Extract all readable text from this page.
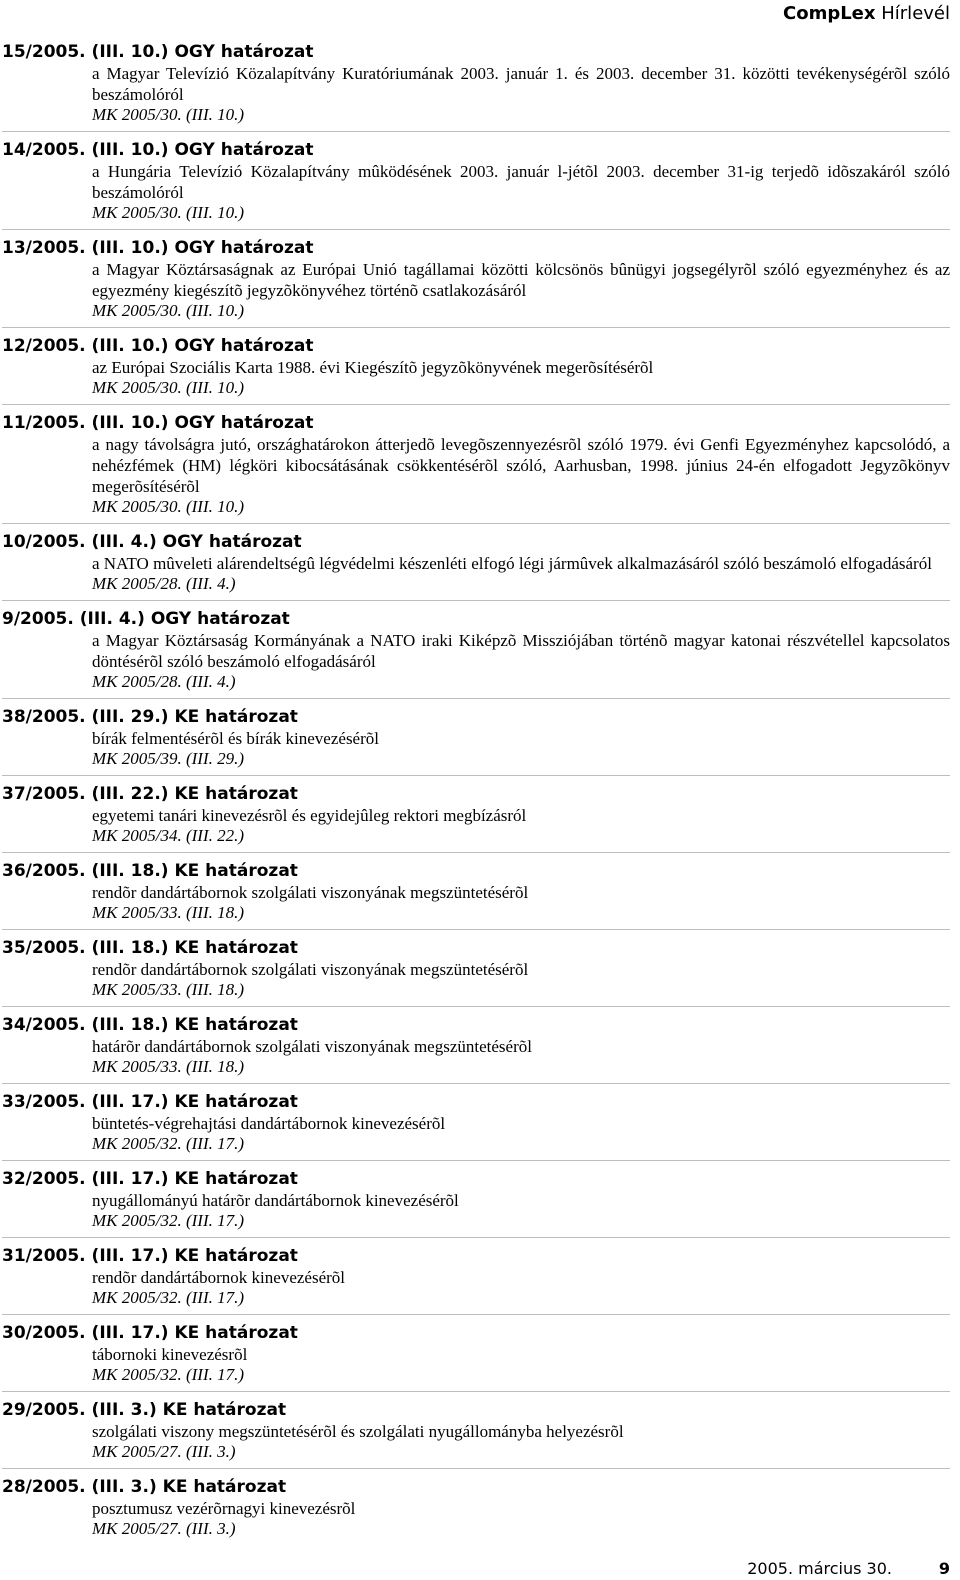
CompLex Hírlevél
15/2005. (III. 10.) OGY határozat
a Magyar Televízió Közalapítvány Kuratóriumának 2003. január 1. és 2003. december 31. közötti tevékenységérõl szóló beszámolóról
MK 2005/30. (III. 10.)
14/2005. (III. 10.) OGY határozat
a Hungária Televízió Közalapítvány mûködésének 2003. január l-jétõl 2003. december 31-ig terjedõ idõszakáról szóló beszámolóról
MK 2005/30. (III. 10.)
13/2005. (III. 10.) OGY határozat
a Magyar Köztársaságnak az Európai Unió tagállamai közötti kölcsönös bûnügyi jogsegélyrõl szóló egyezményhez és az egyezmény kiegészítõ jegyzõkönyvéhez történõ csatlakozásáról
MK 2005/30. (III. 10.)
12/2005. (III. 10.) OGY határozat
az Európai Szociális Karta 1988. évi Kiegészítõ jegyzõkönyvének megerõsítésérõl
MK 2005/30. (III. 10.)
11/2005. (III. 10.) OGY határozat
a nagy távolságra jutó, országhatárokon átterjedõ levegõszennyezésrõl szóló 1979. évi Genfi Egyezményhez kapcsolódó, a nehézfémek (HM) légköri kibocsátásának csökkentésérõl szóló, Aarhusban, 1998. június 24-én elfogadott Jegyzõkönyv megerõsítésérõl
MK 2005/30. (III. 10.)
10/2005. (III. 4.) OGY határozat
a NATO mûveleti alárendeltségû légvédelmi készenléti elfogó légi jármûvek alkalmazásáról szóló beszámoló elfogadásáról
MK 2005/28. (III. 4.)
9/2005. (III. 4.) OGY határozat
a Magyar Köztársaság Kormányának a NATO iraki Kiképzõ Missziójában történõ magyar katonai részvétellel kapcsolatos döntésérõl szóló beszámoló elfogadásáról
MK 2005/28. (III. 4.)
38/2005. (III. 29.) KE határozat
bírák felmentésérõl és bírák kinevezésérõl
MK 2005/39. (III. 29.)
37/2005. (III. 22.) KE határozat
egyetemi tanári kinevezésrõl és egyidejûleg rektori megbízásról
MK 2005/34. (III. 22.)
36/2005. (III. 18.) KE határozat
rendõr dandártábornok szolgálati viszonyának megszüntetésérõl
MK 2005/33. (III. 18.)
35/2005. (III. 18.) KE határozat
rendõr dandártábornok szolgálati viszonyának megszüntetésérõl
MK 2005/33. (III. 18.)
34/2005. (III. 18.) KE határozat
határõr dandártábornok szolgálati viszonyának megszüntetésérõl
MK 2005/33. (III. 18.)
33/2005. (III. 17.) KE határozat
büntetés-végrehajtási dandártábornok kinevezésérõl
MK 2005/32. (III. 17.)
32/2005. (III. 17.) KE határozat
nyugállományú határõr dandártábornok kinevezésérõl
MK 2005/32. (III. 17.)
31/2005. (III. 17.) KE határozat
rendõr dandártábornok kinevezésérõl
MK 2005/32. (III. 17.)
30/2005. (III. 17.) KE határozat
tábornoki kinevezésrõl
MK 2005/32. (III. 17.)
29/2005. (III. 3.) KE határozat
szolgálati viszony megszüntetésérõl és szolgálati nyugállományba helyezésrõl
MK 2005/27. (III. 3.)
28/2005. (III. 3.) KE határozat
posztumusz vezérõrnagyi kinevezésrõl
MK 2005/27. (III. 3.)
2005. március 30.	9
